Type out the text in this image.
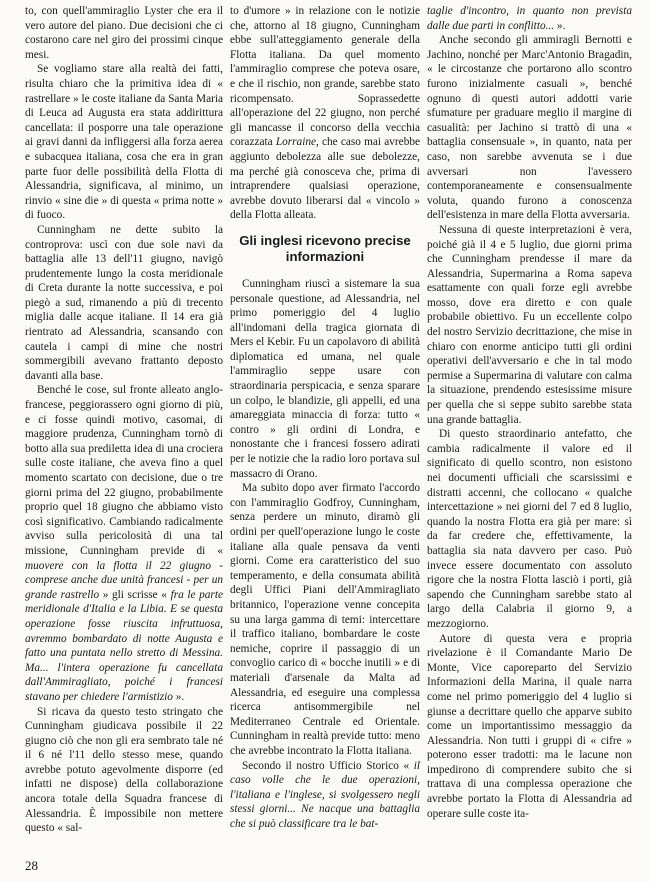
to, con quell'ammiraglio Lyster che era il vero autore del piano. Due decisioni che ci costarono care nel giro dei prossimi cinque mesi.

Se vogliamo stare alla realtà dei fatti, risulta chiaro che la primitiva idea di « rastrellare » le coste italiane da Santa Maria di Leuca ad Augusta era stata addirittura cancellata: il posporre una tale operazione ai gravi danni da infliggersi alla forza aerea e subacquea italiana, cosa che era in gran parte fuor delle possibilità della Flotta di Alessandria, significava, al minimo, un rinvio « sine die » di questa « prima notte » di fuoco.

Cunningham ne dette subito la controprova: uscì con due sole navi da battaglia alle 13 dell'11 giugno, navigò prudentemente lungo la costa meridionale di Creta durante la notte successiva, e poi piegò a sud, rimanendo a più di trecento miglia dalle acque italiane. Il 14 era già rientrato ad Alessandria, scansando con cautela i campi di mine che nostri sommergibili avevano frattanto deposto davanti alla base.

Benché le cose, sul fronte alleato anglo-francese, peggiorassero ogni giorno di più, e ci fosse quindi motivo, casomai, di maggiore prudenza, Cunningham tornò di botto alla sua prediletta idea di una crociera sulle coste italiane, che aveva fino a quel momento scartato con decisione, due o tre giorni prima del 22 giugno, probabilmente proprio quel 18 giugno che abbiamo visto così significativo. Cambiando radicalmente avviso sulla pericolosità di una tal missione, Cunningham previde di « muovere con la flotta il 22 giugno - comprese anche due unità francesi - per un grande rastrello » gli scrisse « fra le parte meridionale d'Italia e la Libia. E se questa operazione fosse riuscita infruttuosa, avremmo bombardato di notte Augusta e fatto una puntata nello stretto di Messina. Ma... l'intera operazione fu cancellata dall'Ammiragliato, poiché i francesi stavano per chiedere l'armistizio ».

Si ricava da questo testo stringato che Cunningham giudicava possibile il 22 giugno ciò che non gli era sembrato tale né il 6 né l'11 dello stesso mese, quando avrebbe potuto agevolmente disporre (ed infatti ne dispose) della collaborazione ancora totale della Squadra francese di Alessandria. È impossibile non mettere questo « sal-

to d'umore » in relazione con le notizie che, attorno al 18 giugno, Cunningham ebbe sull'atteggiamento generale della Flotta italiana. Da quel momento l'ammiraglio comprese che poteva osare, e che il rischio, non grande, sarebbe stato ricompensato. Soprassedette all'operazione del 22 giugno, non perché gli mancasse il concorso della vecchia corazzata Lorraine, che caso mai avrebbe aggiunto debolezza alle sue debolezze, ma perché già conosceva che, prima di intraprendere qualsiasi operazione, avrebbe dovuto liberarsi dal « vincolo » della Flotta alleata.

Gli inglesi ricevono precise informazioni

Cunningham riuscì a sistemare la sua personale questione, ad Alessandria, nel primo pomeriggio del 4 luglio all'indomani della tragica giornata di Mers el Kebir. Fu un capolavoro di abilità diplomatica ed umana, nel quale l'ammiraglio seppe usare con straordinaria perspicacia, e senza sparare un colpo, le blandizie, gli appelli, ed una amareggiata minaccia di forza: tutto « contro » gli ordini di Londra, e nonostante che i francesi fossero adirati per le notizie che la radio loro portava sul massacro di Orano.

Ma subito dopo aver firmato l'accordo con l'ammiraglio Godfroy, Cunningham, senza perdere un minuto, diramò gli ordini per quell'operazione lungo le coste italiane alla quale pensava da venti giorni. Come era caratteristico del suo temperamento, e della consumata abilità degli Uffici Piani dell'Ammiragliato britannico, l'operazione venne concepita su una larga gamma di temi: intercettare il traffico italiano, bombardare le coste nemiche, coprire il passaggio di un convoglio carico di « bocche inutili » e di materiali d'arsenale da Malta ad Alessandria, ed eseguire una complessa ricerca antisommergibile nel Mediterraneo Centrale ed Orientale. Cunningham in realtà previde tutto: meno che avrebbe incontrato la Flotta italiana.

Secondo il nostro Ufficio Storico « il caso volle che le due operazioni, l'italiana e l'inglese, si svolgessero negli stessi giorni... Ne nacque una battaglia che si può classificare tra le bat-

taglie d'incontro, in quanto non prevista dalle due parti in conflitto... ».

Anche secondo gli ammiragli Bernotti e Jachino, nonché per Marc'Antonio Bragadin, « le circostanze che portarono allo scontro furono inizialmente casuali », benché ognuno di questi autori addotti varie sfumature per graduare meglio il margine di casualità: per Jachino si trattò di una « battaglia consensuale », in quanto, nata per caso, non sarebbe avvenuta se i due avversari non l'avessero contemporaneamente e consensualmente voluta, quando furono a conoscenza dell'esistenza in mare della Flotta avversaria.

Nessuna di queste interpretazioni è vera, poiché già il 4 e 5 luglio, due giorni prima che Cunningham prendesse il mare da Alessandria, Supermarina a Roma sapeva esattamente con quali forze egli avrebbe mosso, dove era diretto e con quale probabile obiettivo. Fu un eccellente colpo del nostro Servizio decrittazione, che mise in chiaro con enorme anticipo tutti gli ordini operativi dell'avversario e che in tal modo permise a Supermarina di valutare con calma la situazione, prendendo estesissime misure per quella che si seppe subito sarebbe stata una grande battaglia.

Di questo straordinario antefatto, che cambia radicalmente il valore ed il significato di quello scontro, non esistono nei documenti ufficiali che scarsissimi e distratti accenni, che collocano « qualche intercettazione » nei giorni del 7 ed 8 luglio, quando la nostra Flotta era già per mare: sì da far credere che, effettivamente, la battaglia sia nata davvero per caso. Può invece essere documentato con assoluto rigore che la nostra Flotta lasciò i porti, già sapendo che Cunningham sarebbe stato al largo della Calabria il giorno 9, a mezzogiorno.

Autore di questa vera e propria rivelazione è il Comandante Mario De Monte, Vice caporeparto del Servizio Informazioni della Marina, il quale narra come nel primo pomeriggio del 4 luglio si giunse a decrittare quello che apparve subito come un importantissimo messaggio da Alessandria. Non tutti i gruppi di « cifre » poterono esser tradotti: ma le lacune non impedirono di comprendere subito che si trattava di una complessa operazione che avrebbe portato la Flotta di Alessandria ad operare sulle coste ita-

28
